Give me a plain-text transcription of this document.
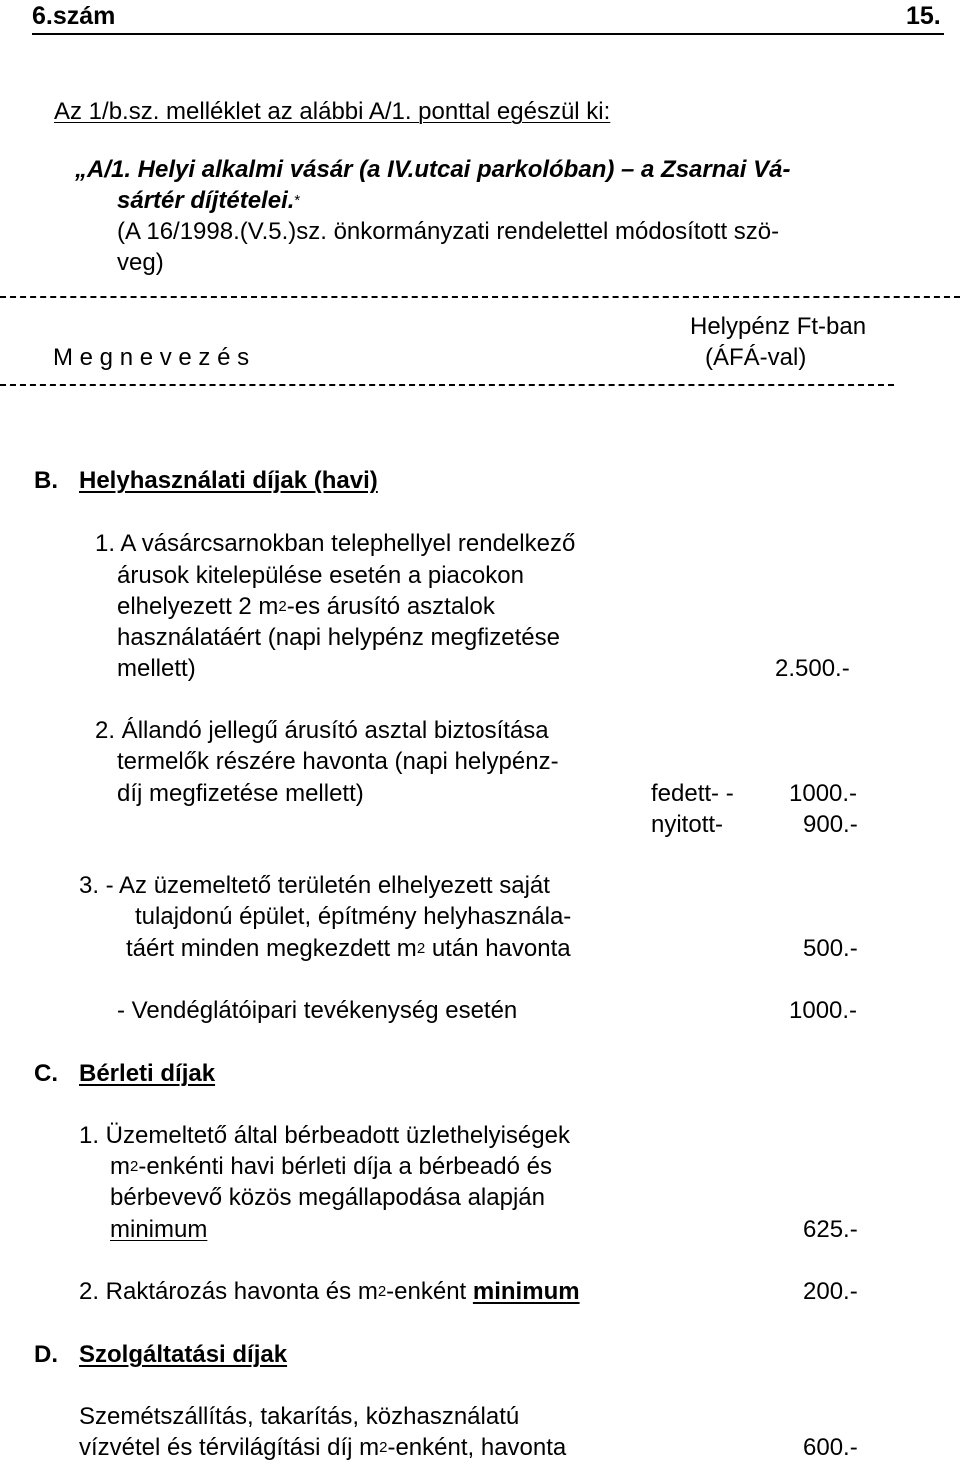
6.szám	15.
Az 1/b.sz. melléklet az alábbi A/1. ponttal egészül ki:
„A/1. Helyi alkalmi vásár (a IV.utcai parkolóban) – a Zsarnai Vá-
sártér díjtételei.*
(A 16/1998.(V.5.)sz. önkormányzati rendelettel módosított szö-
veg)
Helypénz Ft-ban
M e g n e v e z é s	(ÁFÁ-val)
B. Helyhasználati díjak (havi)
1. A vásárcsarnokban telephellyel rendelkező
árusok kitelepülése esetén a piacokon
elhelyezett 2 $m^2-es$ árusító asztalok
használatáért (napi helypénz megfizetése
mellett)	2.500.-
2. Állandó jellegű árusító asztal biztosítása
termelők részére havonta (napi helypénz-
díj megfizetése mellett)	fedett- - 1000.-
nyitott-	900.-
3. - Az üzemeltető területén elhelyezett saját
tulajdonú épület, építmény helyhasznála-
táért minden megkezdett $m^2$ után havonta	500.-
- Vendéglátóipari tevékenység esetén	1000.-
C. Bérleti díjak
1. Üzemeltető által bérbeadott üzlethelyiségek
$m^2$-enkénti havi bérleti díja a bérbeadó és
bérbevevő közös megállapodása alapján
minimum	625.-
2. Raktározás havonta és $m^2$-enként minimum	200.-
D. Szolgáltatási díjak
Szemétszállítás, takarítás, közhasználatú
vízvétel és térvilágítási díj $m^2$-enként, havonta	600.-
